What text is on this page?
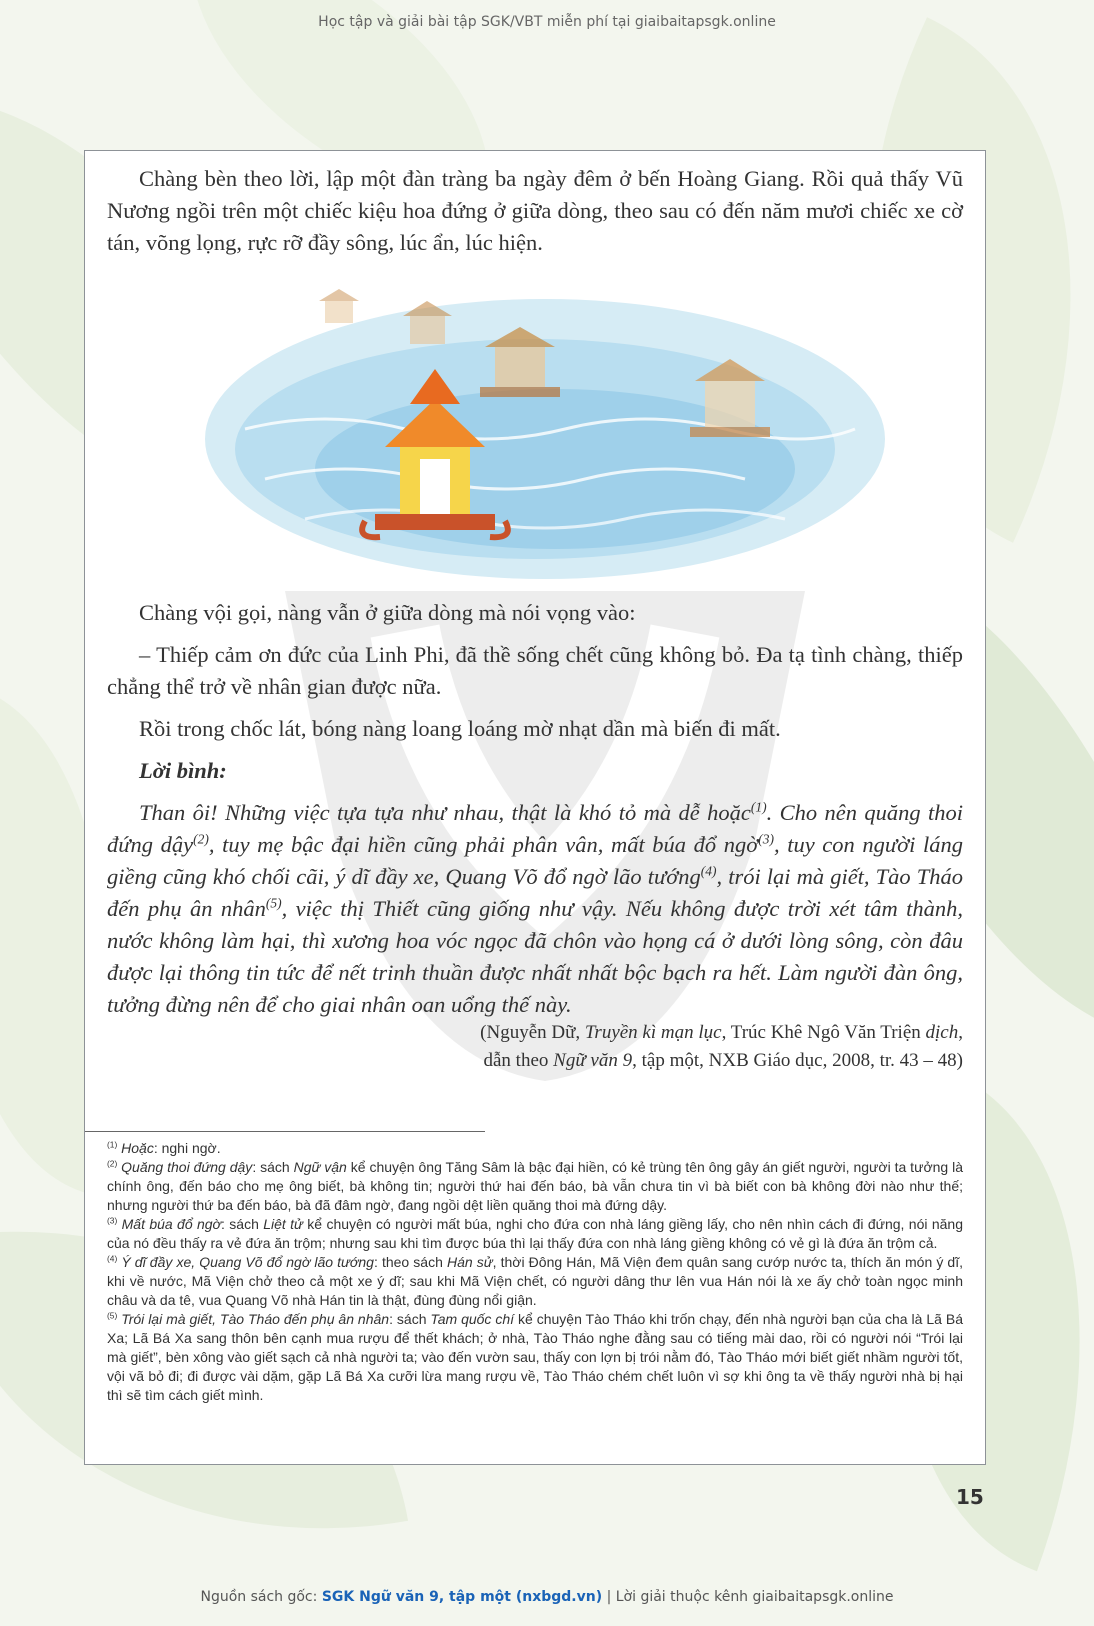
Học tập và giải bài tập SGK/VBT miễn phí tại giaibaitapsgk.online

Chàng bèn theo lời, lập một đàn tràng ba ngày đêm ở bến Hoàng Giang. Rồi quả thấy Vũ Nương ngồi trên một chiếc kiệu hoa đứng ở giữa dòng, theo sau có đến năm mươi chiếc xe cờ tán, võng lọng, rực rỡ đầy sông, lúc ẩn, lúc hiện.

Chàng vội gọi, nàng vẫn ở giữa dòng mà nói vọng vào:

– Thiếp cảm ơn đức của Linh Phi, đã thề sống chết cũng không bỏ. Đa tạ tình chàng, thiếp chẳng thể trở về nhân gian được nữa.

Rồi trong chốc lát, bóng nàng loang loáng mờ nhạt dần mà biến đi mất.

Lời bình:

Than ôi! Những việc tựa tựa như nhau, thật là khó tỏ mà dễ hoặc$^{(1)}$. Cho nên quăng thoi đứng dậy$^{(2)}$, tuy mẹ bậc đại hiền cũng phải phân vân, mất búa đổ ngờ$^{(3)}$, tuy con người láng giềng cũng khó chối cãi, ý dĩ đầy xe, Quang Võ đổ ngờ lão tướng$^{(4)}$, trói lại mà giết, Tào Tháo đến phụ ân nhân$^{(5)}$, việc thị Thiết cũng giống như vậy. Nếu không được trời xét tâm thành, nước không làm hại, thì xương hoa vóc ngọc đã chôn vào họng cá ở dưới lòng sông, còn đâu được lại thông tin tức để nết trinh thuần được nhất nhất bộc bạch ra hết. Làm người đàn ông, tưởng đừng nên để cho giai nhân oan uổng thế này.

(Nguyễn Dữ, Truyền kì mạn lục, Trúc Khê Ngô Văn Triện dịch,
dẫn theo Ngữ văn 9, tập một, NXB Giáo dục, 2008, tr. 43 – 48)

$^{(1)}$ Hoặc: nghi ngờ.

$^{(2)}$ Quăng thoi đứng dậy: sách Ngữ vận kể chuyện ông Tăng Sâm là bậc đại hiền, có kẻ trùng tên ông gây án giết người, người ta tưởng là chính ông, đến báo cho mẹ ông biết, bà không tin; người thứ hai đến báo, bà vẫn chưa tin vì bà biết con bà không đời nào như thế; nhưng người thứ ba đến báo, bà đã đâm ngờ, đang ngồi dệt liền quăng thoi mà đứng dậy.

$^{(3)}$ Mất búa đổ ngờ: sách Liệt tử kể chuyện có người mất búa, nghi cho đứa con nhà láng giềng lấy, cho nên nhìn cách đi đứng, nói năng của nó đều thấy ra vẻ đứa ăn trộm; nhưng sau khi tìm được búa thì lại thấy đứa con nhà láng giềng không có vẻ gì là đứa ăn trộm cả.

$^{(4)}$ Ý dĩ đầy xe, Quang Võ đổ ngờ lão tướng: theo sách Hán sử, thời Đông Hán, Mã Viện đem quân sang cướp nước ta, thích ăn món ý dĩ, khi về nước, Mã Viện chở theo cả một xe ý dĩ; sau khi Mã Viện chết, có người dâng thư lên vua Hán nói là xe ấy chở toàn ngọc minh châu và da tê, vua Quang Võ nhà Hán tin là thật, đùng đùng nổi giận.

$^{(5)}$ Trói lại mà giết, Tào Tháo đến phụ ân nhân: sách Tam quốc chí kể chuyện Tào Tháo khi trốn chạy, đến nhà người bạn của cha là Lã Bá Xa; Lã Bá Xa sang thôn bên cạnh mua rượu để thết khách; ở nhà, Tào Tháo nghe đằng sau có tiếng mài dao, rồi có người nói “Trói lại mà giết”, bèn xông vào giết sạch cả nhà người ta; vào đến vườn sau, thấy con lợn bị trói nằm đó, Tào Tháo mới biết giết nhầm người tốt, vội vã bỏ đi; đi được vài dặm, gặp Lã Bá Xa cưỡi lừa mang rượu về, Tào Tháo chém chết luôn vì sợ khi ông ta về thấy người nhà bị hại thì sẽ tìm cách giết mình.

15
Nguồn sách gốc: SGK Ngữ văn 9, tập một (nxbgd.vn) | Lời giải thuộc kênh giaibaitapsgk.online
